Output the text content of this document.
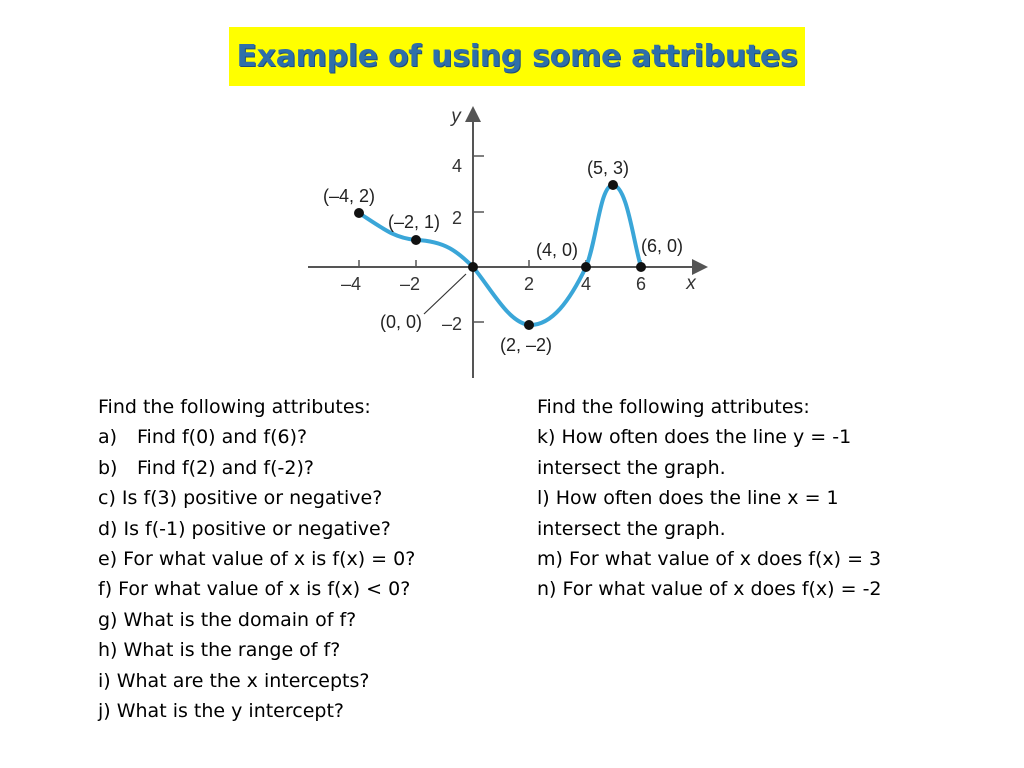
Example of using some attributes
–4 –2	2	4 6
4
2
–2
x
y
(–4, 2)
(–2, 1)
(0, 0)
(2, –2)
(4, 0)
(5, 3)
(6, 0)
Find the following attributes:
a)	Find f(0) and f(6)?
b)	Find f(2) and f(-2)?
c) Is f(3) positive or negative?
d) Is f(-1) positive or negative?
e) For what value of x is f(x) = 0?
f) For what value of x is f(x) < 0?
g) What is the domain of f?
h) What is the range of f?
i) What are the x intercepts?
j) What is the y intercept?
Find the following attributes:
k) How often does the line y = -1
intersect the graph.
l) How often does the line x = 1
intersect the graph.
m) For what value of x does f(x) = 3
n) For what value of x does f(x) = -2
